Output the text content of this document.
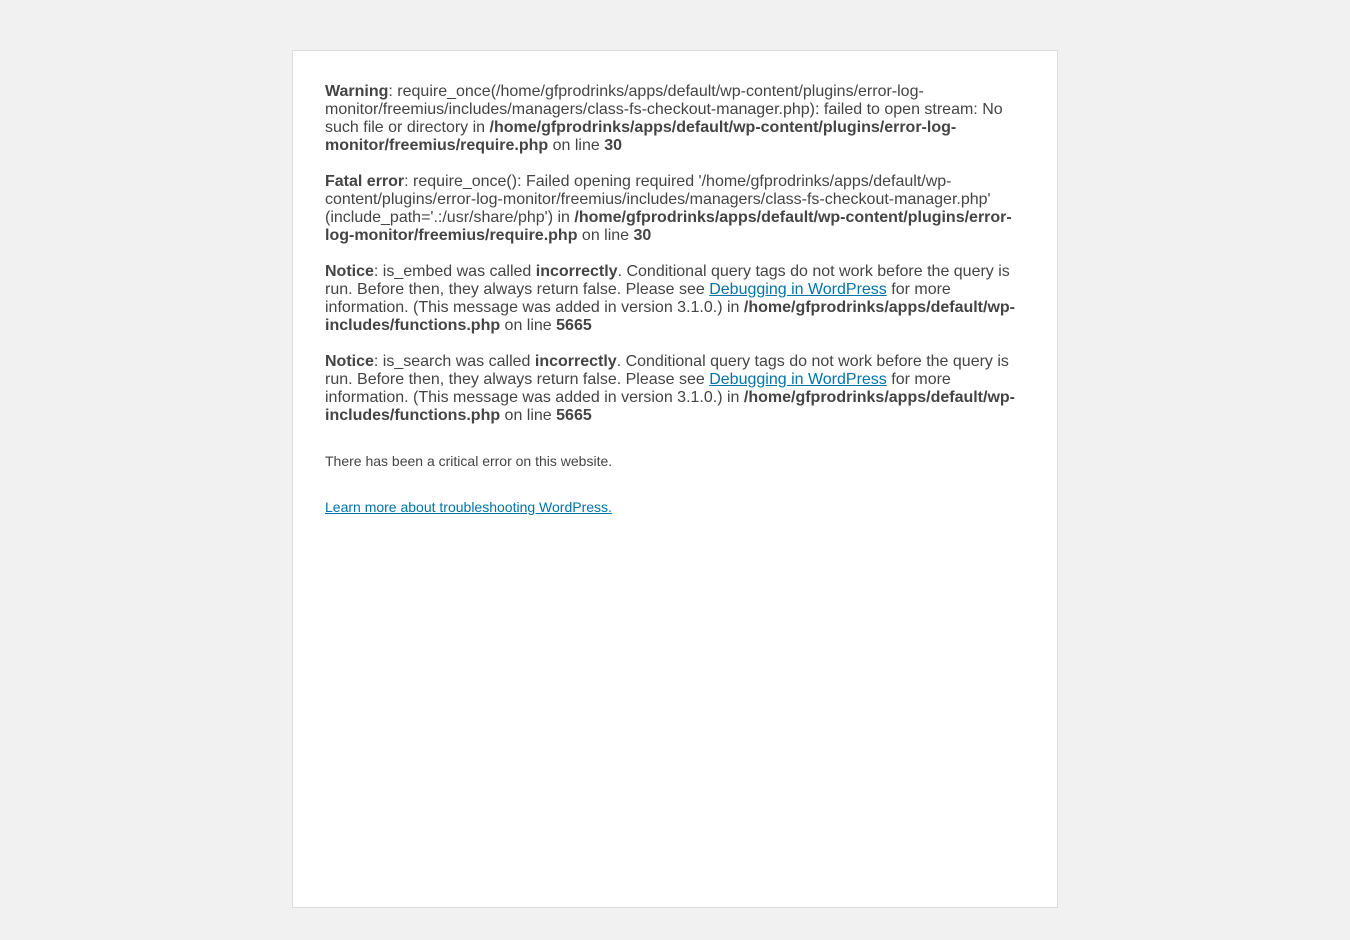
Warning: require_once(/home/gfprodrinks/apps/default/wp-content/plugins/error-log-monitor/freemius/includes/managers/class-fs-checkout-manager.php): failed to open stream: No such file or directory in /home/gfprodrinks/apps/default/wp-content/plugins/error-log-monitor/freemius/require.php on line 30

Fatal error: require_once(): Failed opening required '/home/gfprodrinks/apps/default/wp-content/plugins/error-log-monitor/freemius/includes/managers/class-fs-checkout-manager.php' (include_path='.:/usr/share/php') in /home/gfprodrinks/apps/default/wp-content/plugins/error-log-monitor/freemius/require.php on line 30

Notice: is_embed was called incorrectly. Conditional query tags do not work before the query is run. Before then, they always return false. Please see Debugging in WordPress for more information. (This message was added in version 3.1.0.) in /home/gfprodrinks/apps/default/wp-includes/functions.php on line 5665

Notice: is_search was called incorrectly. Conditional query tags do not work before the query is run. Before then, they always return false. Please see Debugging in WordPress for more information. (This message was added in version 3.1.0.) in /home/gfprodrinks/apps/default/wp-includes/functions.php on line 5665

There has been a critical error on this website.

Learn more about troubleshooting WordPress.
